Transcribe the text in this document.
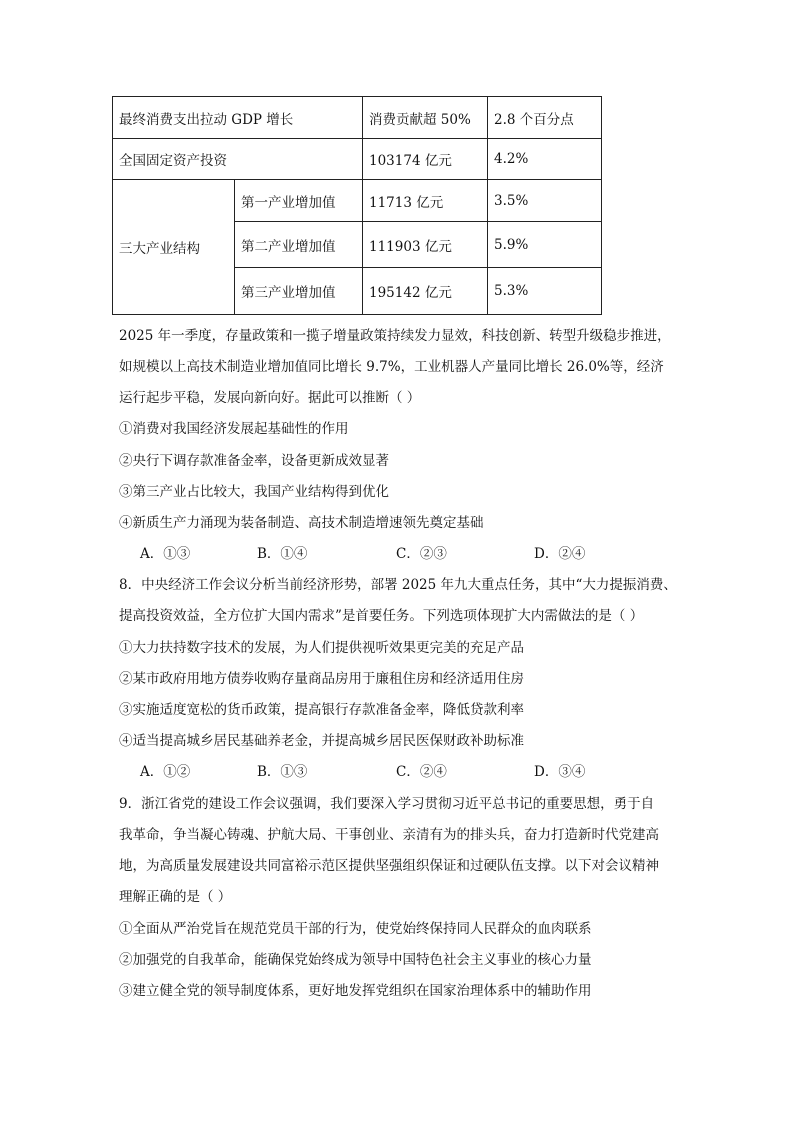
最终消费支出拉动 GDP 增长		消费贡献超 50%	2.8 个百分点
全国固定资产投资		103174 亿元	4.2%
三大产业结构	第一产业增加值	11713 亿元	3.5%
	第二产业增加值	111903 亿元	5.9%
	第三产业增加值	195142 亿元	5.3%
2025 年一季度，存量政策和一揽子增量政策持续发力显效，科技创新、转型升级稳步推进，
如规模以上高技术制造业增加值同比增长 9.7%，工业机器人产量同比增长 26.0%等，经济
运行起步平稳，发展向新向好。据此可以推断（ ）
①消费对我国经济发展起基础性的作用
②央行下调存款准备金率，设备更新成效显著
③第三产业占比较大，我国产业结构得到优化
④新质生产力涌现为装备制造、高技术制造增速领先奠定基础
A．①③	B．①④	C．②③	D．②④
8．中央经济工作会议分析当前经济形势，部署 2025 年九大重点任务，其中“大力提振消费、
提高投资效益，全方位扩大国内需求”是首要任务。下列选项体现扩大内需做法的是（ ）
①大力扶持数字技术的发展，为人们提供视听效果更完美的充足产品
②某市政府用地方债券收购存量商品房用于廉租住房和经济适用住房
③实施适度宽松的货币政策，提高银行存款准备金率，降低贷款利率
④适当提高城乡居民基础养老金，并提高城乡居民医保财政补助标准
A．①②	B．①③	C．②④	D．③④
9．浙江省党的建设工作会议强调，我们要深入学习贯彻习近平总书记的重要思想，勇于自
我革命，争当凝心铸魂、护航大局、干事创业、亲清有为的排头兵，奋力打造新时代党建高
地，为高质量发展建设共同富裕示范区提供坚强组织保证和过硬队伍支撑。以下对会议精神
理解正确的是（ ）
①全面从严治党旨在规范党员干部的行为，使党始终保持同人民群众的血肉联系
②加强党的自我革命，能确保党始终成为领导中国特色社会主义事业的核心力量
③建立健全党的领导制度体系，更好地发挥党组织在国家治理体系中的辅助作用
